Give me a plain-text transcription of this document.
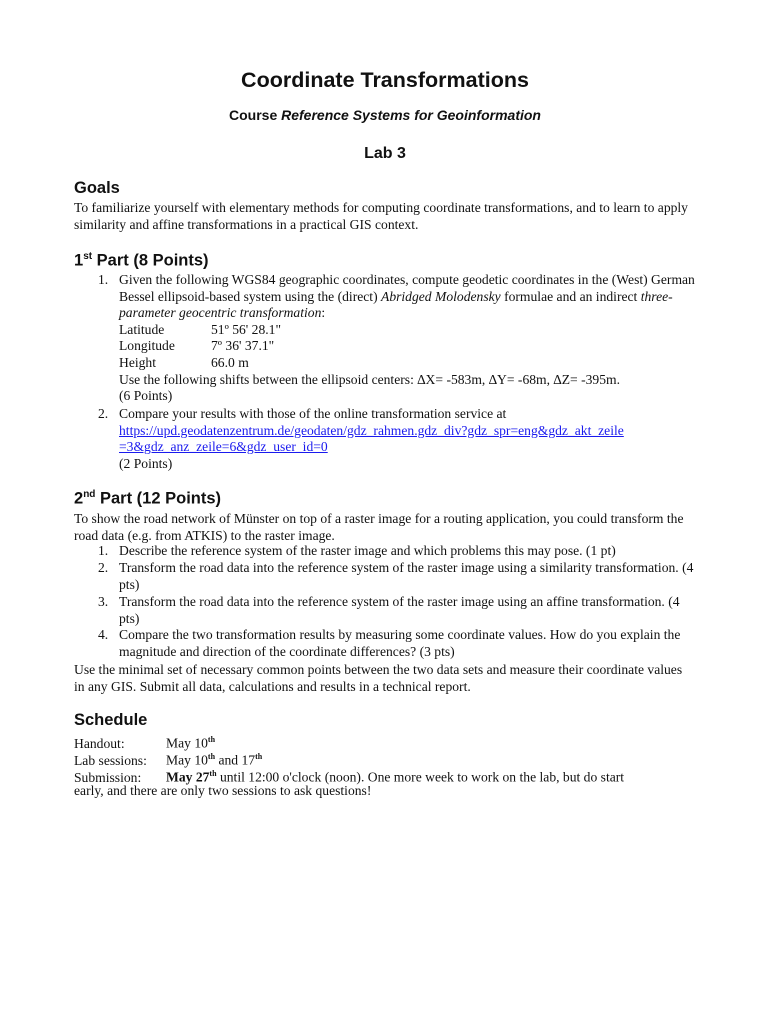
Coordinate Transformations
Course Reference Systems for Geoinformation
Lab 3
Goals

To familiarize yourself with elementary methods for computing coordinate transformations, and to learn to apply similarity and affine transformations in a practical GIS context.

1st Part (8 Points)
1. Given the following WGS84 geographic coordinates, compute geodetic coordinates in the (West) German Bessel ellipsoid-based system using the (direct) Abridged Molodensky formulae and an indirect three-parameter geocentric transformation:
Latitude	51º 56' 28.1"
Longitude	7º 36' 37.1"
Height	66.0 m
Use the following shifts between the ellipsoid centers: ∆X= -583m, ∆Y= -68m, ∆Z= -395m.
(6 Points)
2. Compare your results with those of the online transformation service at
https://upd.geodatenzentrum.de/geodaten/gdz_rahmen.gdz_div?gdz_spr=eng&gdz_akt_zeile
=3&gdz_anz_zeile=6&gdz_user_id=0
(2 Points)
2nd Part (12 Points)

To show the road network of Münster on top of a raster image for a routing application, you could transform the road data (e.g. from ATKIS) to the raster image.

1. Describe the reference system of the raster image and which problems this may pose. (1 pt)
2. Transform the road data into the reference system of the raster image using a similarity transformation. (4 pts)
3. Transform the road data into the reference system of the raster image using an affine transformation. (4 pts)
4. Compare the two transformation results by measuring some coordinate values. How do you explain the magnitude and direction of the coordinate differences? (3 pts)

Use the minimal set of necessary common points between the two data sets and measure their coordinate values in any GIS. Submit all data, calculations and results in a technical report.

Schedule
Handout:	May 10th
Lab sessions: May 10th and 17th
Submission: May 27th until 12:00 o'clock (noon). One more week to work on the lab, but do start
early, and there are only two sessions to ask questions!
